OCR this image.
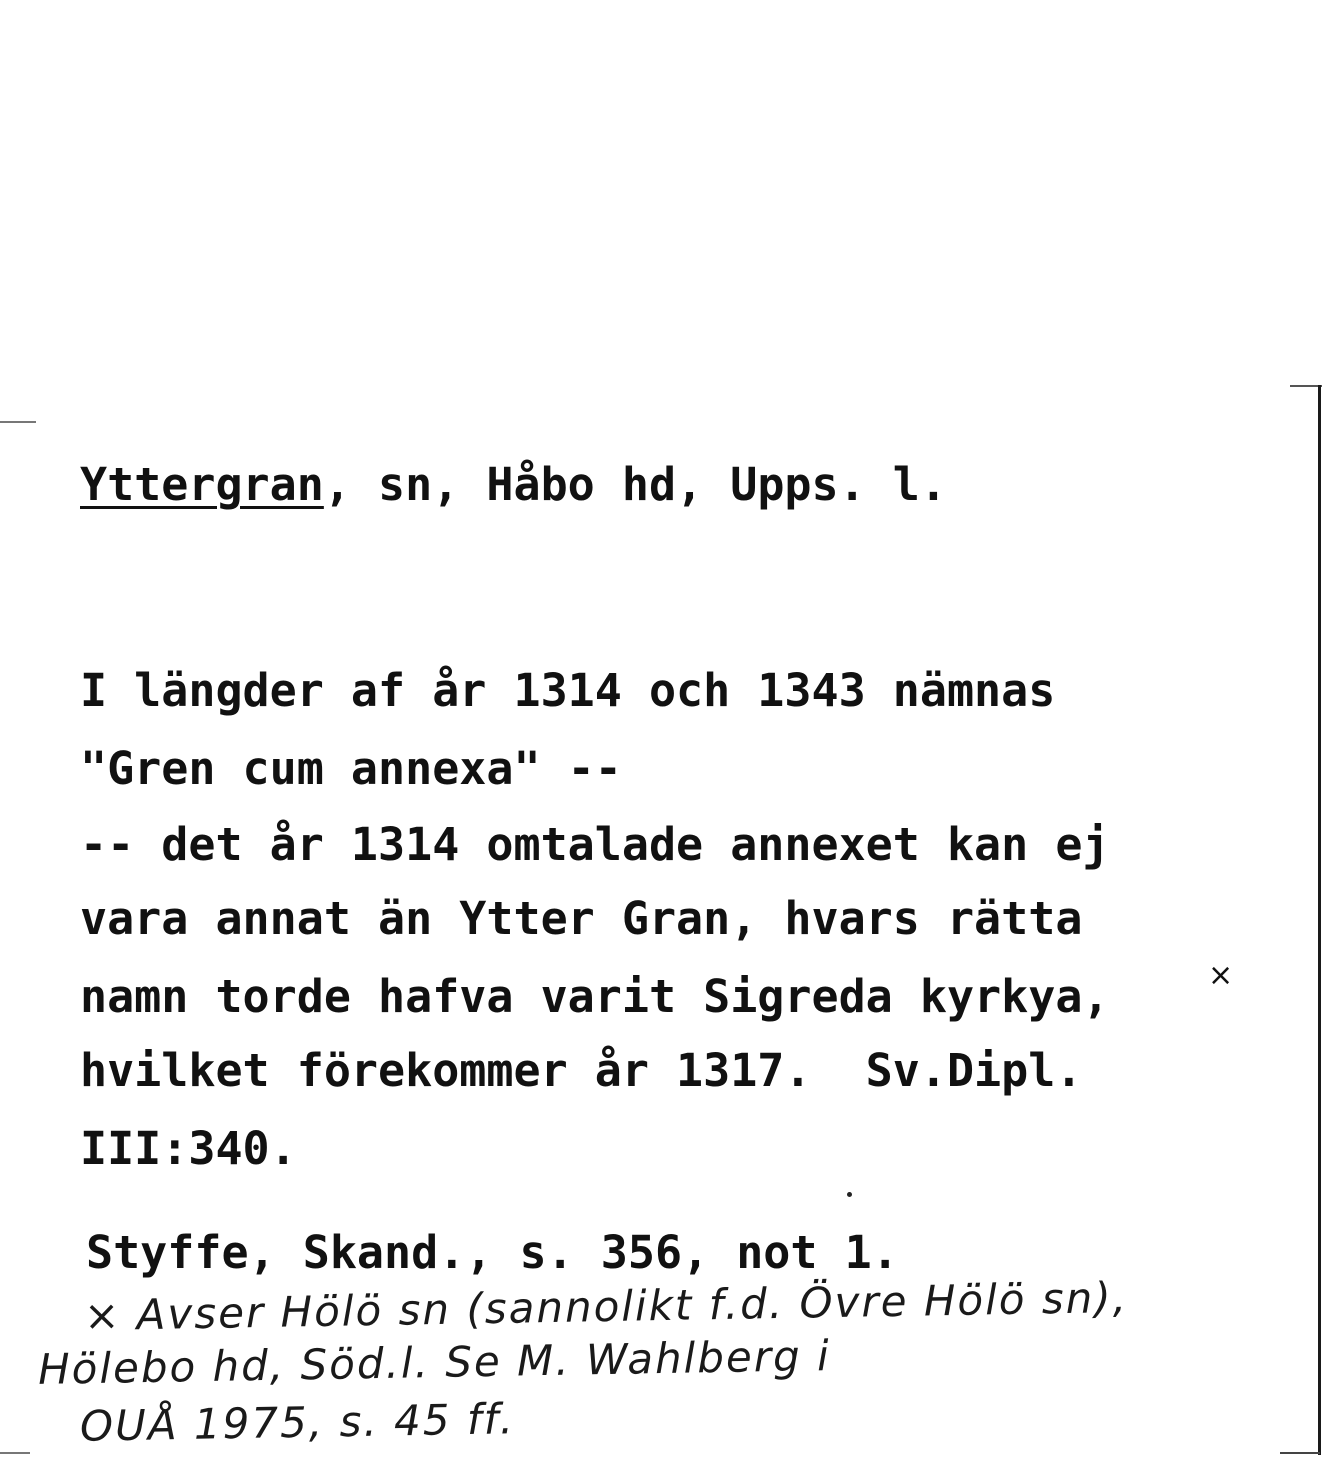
Yttergran, sn, Håbo hd, Upps. l.
I längder af år 1314 och 1343 nämnas
"Gren cum annexa" --
-- det år 1314 omtalade annexet kan ej
vara annat än Ytter Gran, hvars rätta
namn torde hafva varit Sigreda kyrkya,
hvilket förekommer år 1317.  Sv.Dipl.
III:340.
×
Styffe, Skand., s. 356, not 1.
× Avser Hölö sn (sannolikt f.d. Övre Hölö sn),
Hölebo hd, Söd.l. Se M. Wahlberg i
OUÅ 1975, s. 45 ff.
